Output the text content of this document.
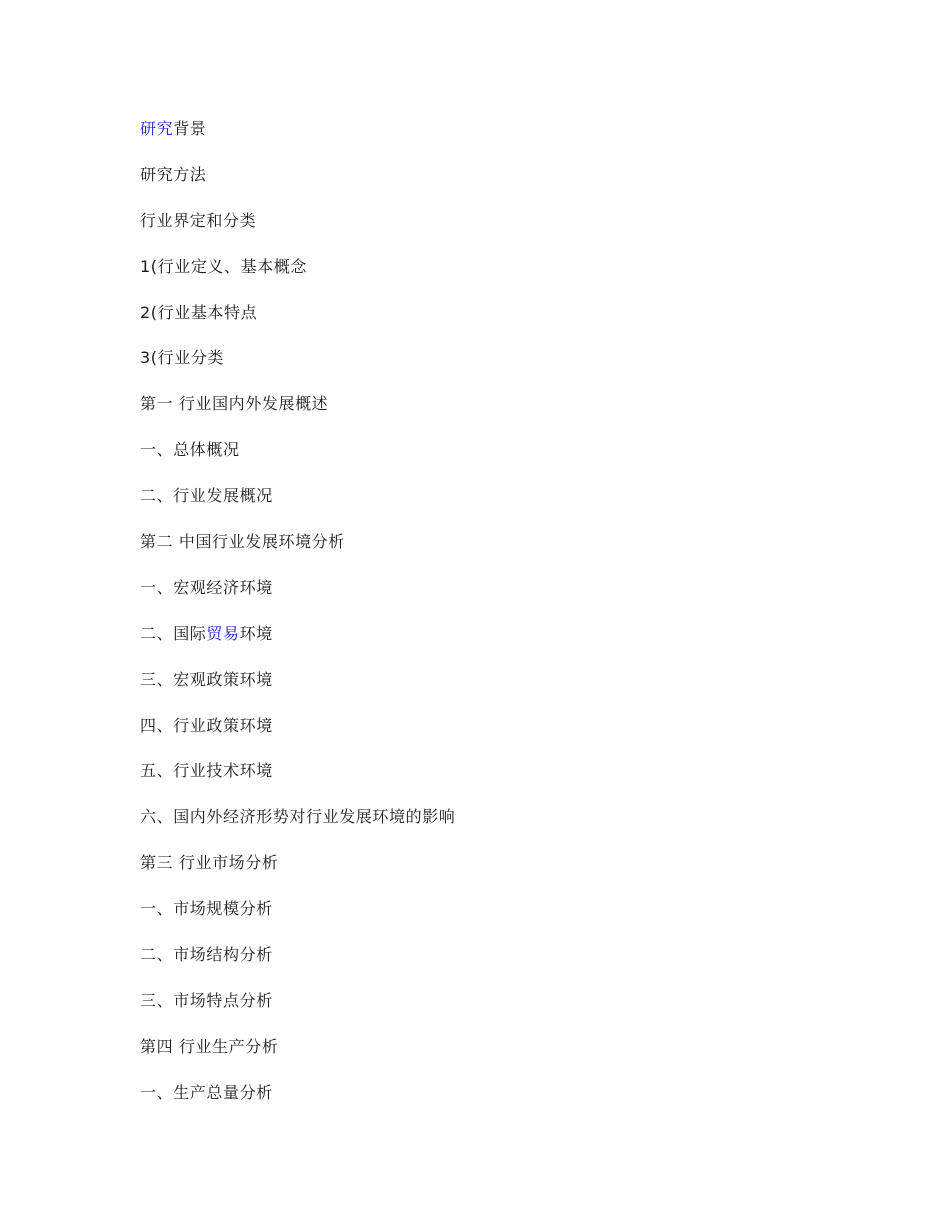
研究背景
研究方法
行业界定和分类
1(行业定义、基本概念
2(行业基本特点
3(行业分类
第一 行业国内外发展概述
一、总体概况
二、行业发展概况
第二 中国行业发展环境分析
一、宏观经济环境
二、国际贸易环境
三、宏观政策环境
四、行业政策环境
五、行业技术环境
六、国内外经济形势对行业发展环境的影响
第三 行业市场分析
一、市场规模分析
二、市场结构分析
三、市场特点分析
第四 行业生产分析
一、生产总量分析
